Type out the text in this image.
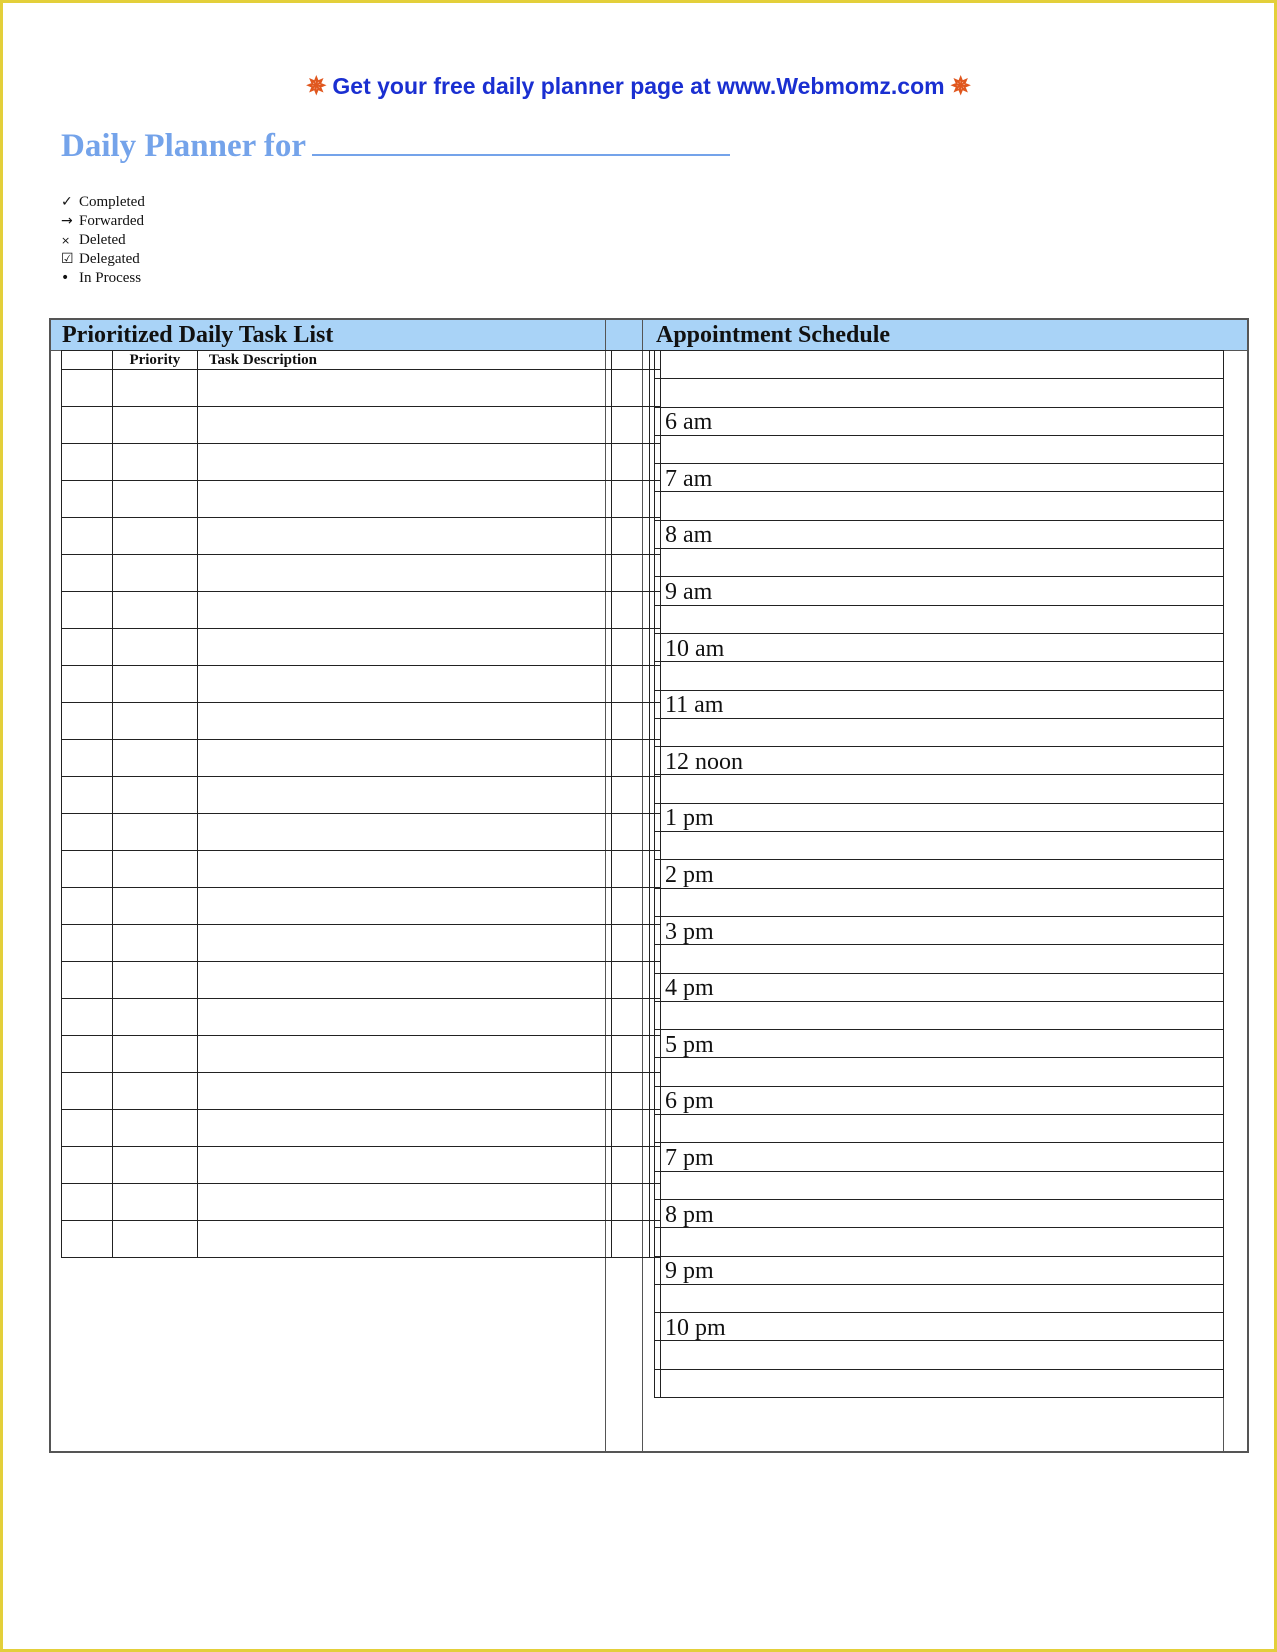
✵ Get your free daily planner page at www.Webmomz.com ✵
Daily Planner for
✓ Completed
→ Forwarded
× Deleted
☑ Delegated
• In Process
Prioritized Daily Task List	Appointment Schedule
	Priority	Task Description		

	6 am

	7 am

	8 am

	9 am

	10 am

	11 am

	12 noon

	1 pm

	2 pm

	3 pm

	4 pm

	5 pm

	6 pm

	7 pm

	8 pm

	9 pm

	10 pm
